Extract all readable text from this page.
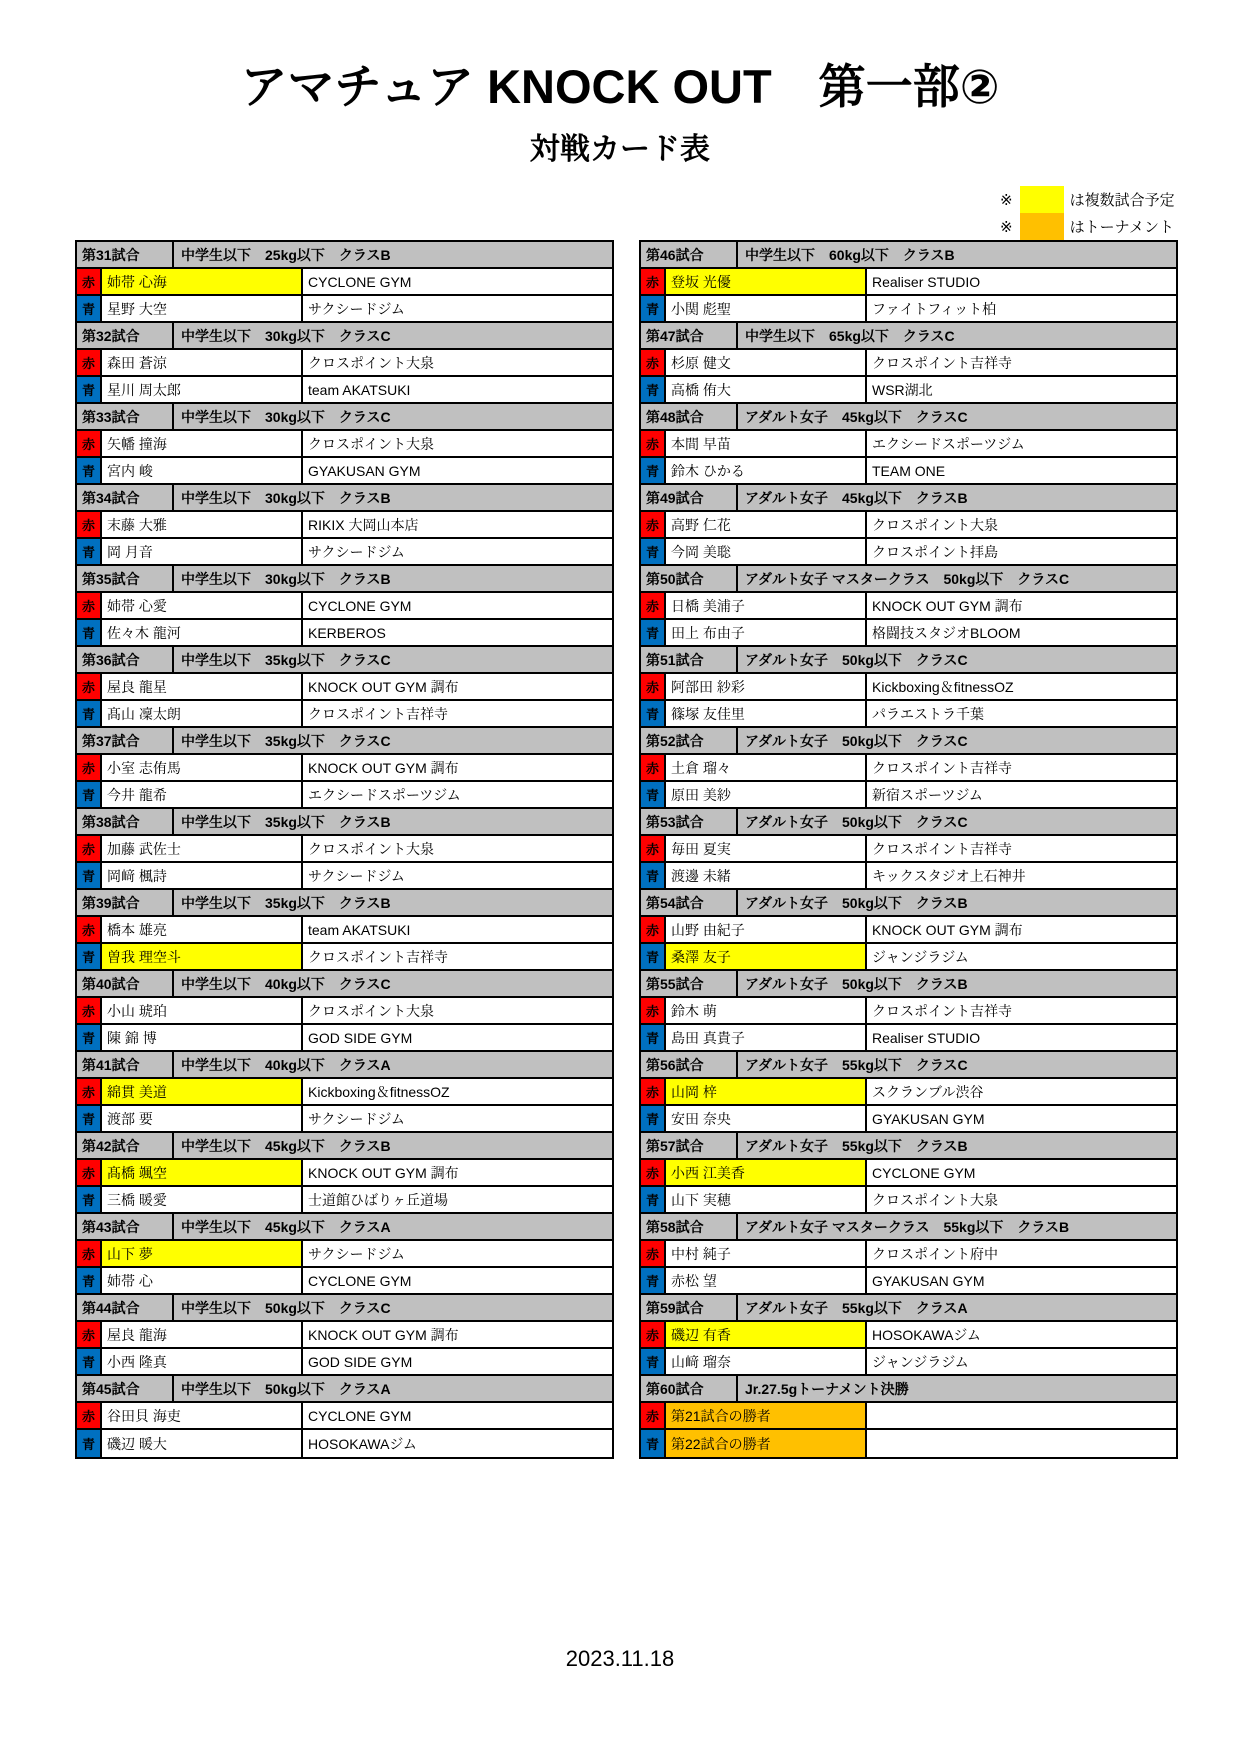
アマチュア KNOCK OUT　第一部②
対戦カード表
※	は複数試合予定
※	はトーナメント
第31試合	中学生以下　25kg以下　クラスB
赤 姉帯 心海	CYCLONE GYM
青 星野 大空	サクシードジム
第32試合	中学生以下　30kg以下　クラスC
赤 森田 蒼涼	クロスポイント大泉
青 星川 周太郎	team AKATSUKI
第33試合	中学生以下　30kg以下　クラスC
赤 矢幡 撞海	クロスポイント大泉
青 宮内 峻	GYAKUSAN GYM
第34試合	中学生以下　30kg以下　クラスB
赤 末藤 大雅	RIKIX 大岡山本店
青 岡 月音	サクシードジム
第35試合	中学生以下　30kg以下　クラスB
赤 姉帯 心愛	CYCLONE GYM
青 佐々木 龍河	KERBEROS
第36試合	中学生以下　35kg以下　クラスC
赤 屋良 龍星	KNOCK OUT GYM 調布
青 髙山 凜太朗	クロスポイント吉祥寺
第37試合	中学生以下　35kg以下　クラスC
赤 小室 志侑馬	KNOCK OUT GYM 調布
青 今井 龍希	エクシードスポーツジム
第38試合	中学生以下　35kg以下　クラスB
赤 加藤 武佐士	クロスポイント大泉
青 岡﨑 楓詩	サクシードジム
第39試合	中学生以下　35kg以下　クラスB
赤 橋本 雄亮	team AKATSUKI
青 曽我 理空斗	クロスポイント吉祥寺
第40試合	中学生以下　40kg以下　クラスC
赤 小山 琥珀	クロスポイント大泉
青 陳 錦 博	GOD SIDE GYM
第41試合	中学生以下　40kg以下　クラスA
赤 綿貫 美道	Kickboxing＆fitnessOZ
青 渡部 要	サクシードジム
第42試合	中学生以下　45kg以下　クラスB
赤 髙橋 颯空	KNOCK OUT GYM 調布
青 三橋 暖愛	士道館ひばりヶ丘道場
第43試合	中学生以下　45kg以下　クラスA
赤 山下 夢	サクシードジム
青 姉帯 心	CYCLONE GYM
第44試合	中学生以下　50kg以下　クラスC
赤 屋良 龍海	KNOCK OUT GYM 調布
青 小西 隆真	GOD SIDE GYM
第45試合	中学生以下　50kg以下　クラスA
赤 谷田貝 海吏	CYCLONE GYM
青 磯辺 暖大	HOSOKAWAジム
第46試合	中学生以下　60kg以下　クラスB
赤 登坂 光優	Realiser STUDIO
青 小関 彪聖	ファイトフィット柏
第47試合	中学生以下　65kg以下　クラスC
赤 杉原 健文	クロスポイント吉祥寺
青 高橋 侑大	WSR湖北
第48試合	アダルト女子　45kg以下　クラスC
赤 本間 早苗	エクシードスポーツジム
青 鈴木 ひかる	TEAM ONE
第49試合	アダルト女子　45kg以下　クラスB
赤 高野 仁花	クロスポイント大泉
青 今岡 美聡	クロスポイント拝島
第50試合	アダルト女子 マスタークラス　50kg以下　クラスC
赤 日橋 美浦子	KNOCK OUT GYM 調布
青 田上 布由子	格闘技スタジオBLOOM
第51試合	アダルト女子　50kg以下　クラスC
赤 阿部田 紗彩	Kickboxing＆fitnessOZ
青 篠塚 友佳里	パラエストラ千葉
第52試合	アダルト女子　50kg以下　クラスC
赤 土倉 瑠々	クロスポイント吉祥寺
青 原田 美紗	新宿スポーツジム
第53試合	アダルト女子　50kg以下　クラスC
赤 毎田 夏実	クロスポイント吉祥寺
青 渡邊 未緒	キックスタジオ上石神井
第54試合	アダルト女子　50kg以下　クラスB
赤 山野 由紀子	KNOCK OUT GYM 調布
青 桑澤 友子	ジャンジラジム
第55試合	アダルト女子　50kg以下　クラスB
赤 鈴木 萌	クロスポイント吉祥寺
青 島田 真貴子	Realiser STUDIO
第56試合	アダルト女子　55kg以下　クラスC
赤 山岡 梓	スクランブル渋谷
青 安田 奈央	GYAKUSAN GYM
第57試合	アダルト女子　55kg以下　クラスB
赤 小西 江美香	CYCLONE GYM
青 山下 実穂	クロスポイント大泉
第58試合	アダルト女子 マスタークラス　55kg以下　クラスB
赤 中村 純子	クロスポイント府中
青 赤松 望	GYAKUSAN GYM
第59試合	アダルト女子　55kg以下　クラスA
赤 磯辺 有香	HOSOKAWAジム
青 山﨑 瑠奈	ジャンジラジム
第60試合	Jr.27.5gトーナメント決勝
赤 第21試合の勝者
青 第22試合の勝者
2023.11.18
